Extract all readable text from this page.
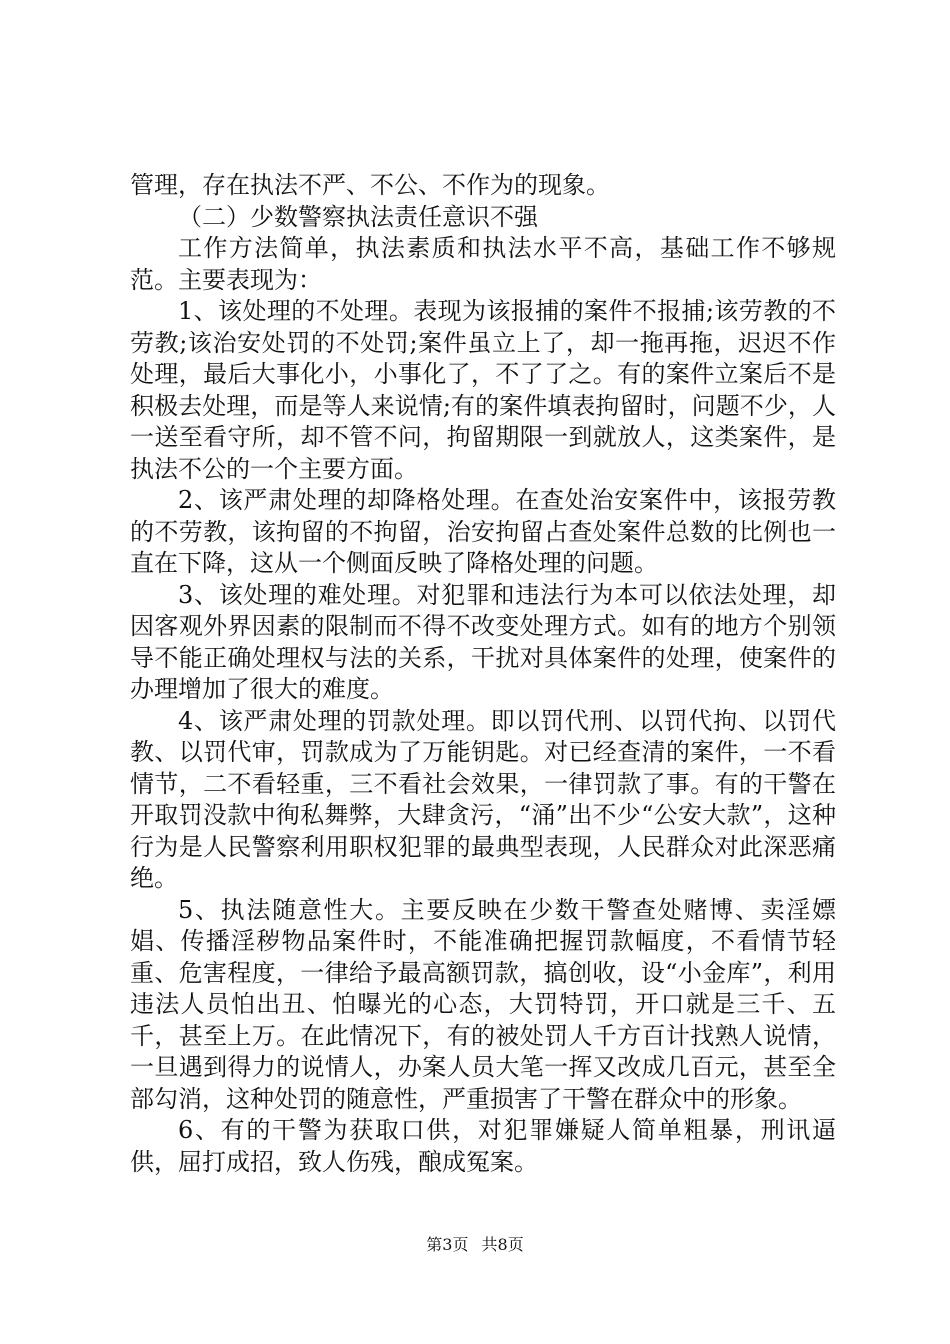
管理，存在执法不严、不公、不作为的现象。

（二）少数警察执法责任意识不强

工作方法简单，执法素质和执法水平不高，基础工作不够规范。主要表现为：

1、该处理的不处理。表现为该报捕的案件不报捕;该劳教的不劳教;该治安处罚的不处罚;案件虽立上了，却一拖再拖，迟迟不作处理，最后大事化小，小事化了，不了了之。有的案件立案后不是积极去处理，而是等人来说情;有的案件填表拘留时，问题不少，人一送至看守所，却不管不问，拘留期限一到就放人，这类案件，是执法不公的一个主要方面。

2、该严肃处理的却降格处理。在查处治安案件中，该报劳教的不劳教，该拘留的不拘留，治安拘留占查处案件总数的比例也一直在下降，这从一个侧面反映了降格处理的问题。

3、该处理的难处理。对犯罪和违法行为本可以依法处理，却因客观外界因素的限制而不得不改变处理方式。如有的地方个别领导不能正确处理权与法的关系，干扰对具体案件的处理，使案件的办理增加了很大的难度。

4、该严肃处理的罚款处理。即以罚代刑、以罚代拘、以罚代教、以罚代审，罚款成为了万能钥匙。对已经查清的案件，一不看情节，二不看轻重，三不看社会效果，一律罚款了事。有的干警在开取罚没款中徇私舞弊，大肆贪污，“涌”出不少“公安大款”，这种行为是人民警察利用职权犯罪的最典型表现，人民群众对此深恶痛绝。

5、执法随意性大。主要反映在少数干警查处赌博、卖淫嫖娼、传播淫秽物品案件时，不能准确把握罚款幅度，不看情节轻重、危害程度，一律给予最高额罚款，搞创收，设“小金库”，利用违法人员怕出丑、怕曝光的心态，大罚特罚，开口就是三千、五千，甚至上万。在此情况下，有的被处罚人千方百计找熟人说情，一旦遇到得力的说情人，办案人员大笔一挥又改成几百元，甚至全部勾消，这种处罚的随意性，严重损害了干警在群众中的形象。

6、有的干警为获取口供，对犯罪嫌疑人简单粗暴，刑讯逼供，屈打成招，致人伤残，酿成冤案。

第3页 共8页
